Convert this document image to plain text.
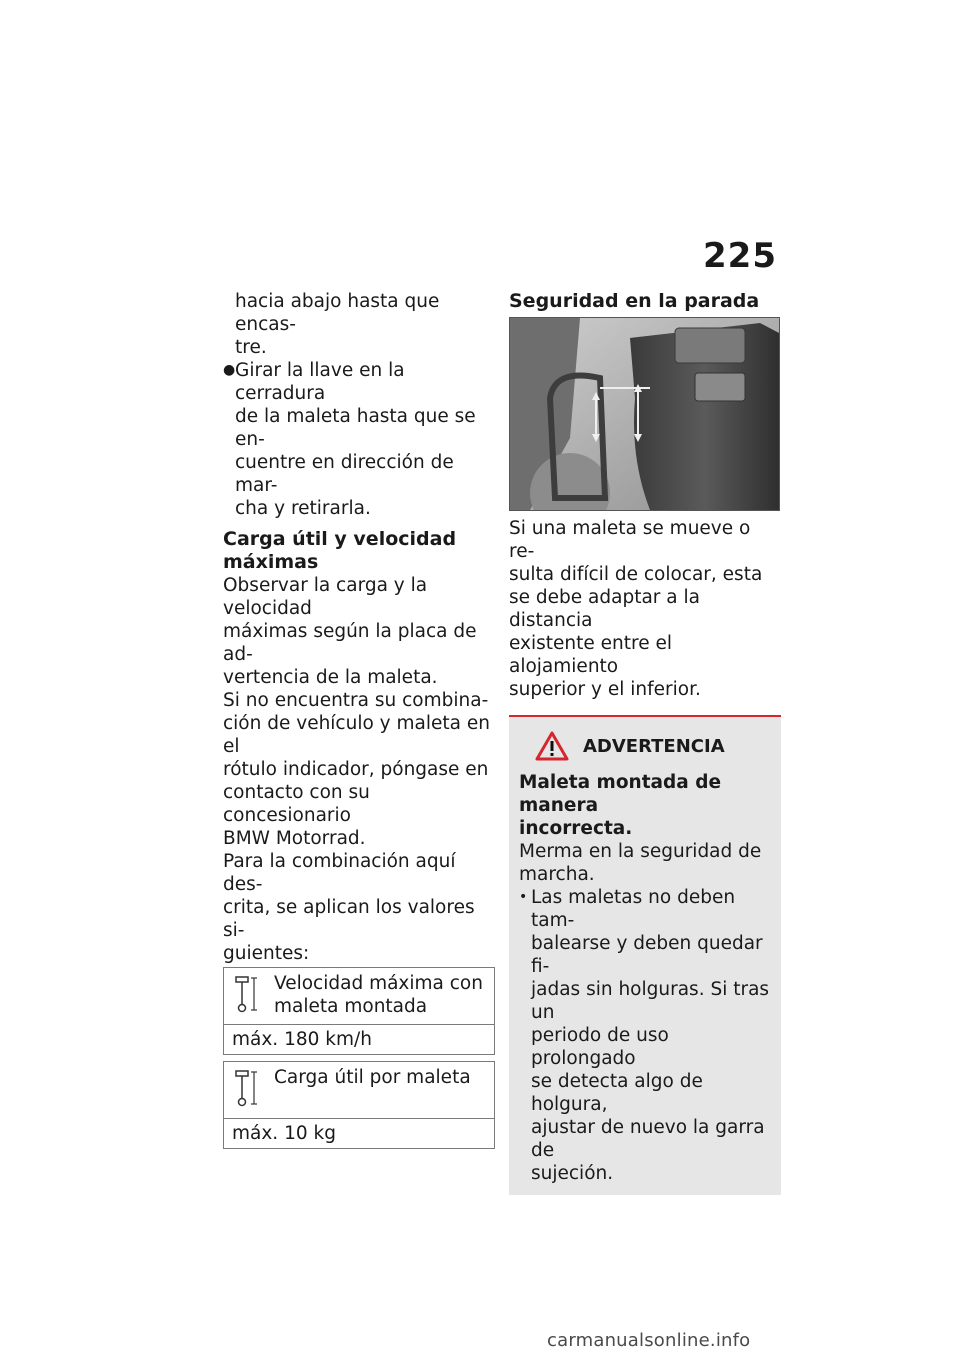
225

hacia abajo hasta que encas-

tre.

● Girar la llave en la cerradura

de la maleta hasta que se en-

cuentre en dirección de mar-

cha y retirarla.

Carga útil y velocidad

máximas

Observar la carga y la velocidad

máximas según la placa de ad-

vertencia de la maleta.

Si no encuentra su combina-

ción de vehículo y maleta en el

rótulo indicador, póngase en

contacto con su concesionario

BMW Motorrad.

Para la combinación aquí des-

crita, se aplican los valores si-

guientes:

Velocidad máxima con

maleta montada

máx. 180 km/h

Carga útil por maleta

máx. 10 kg
Seguridad en la parada

Si una maleta se mueve o re-

sulta difícil de colocar, esta

se debe adaptar a la distancia

existente entre el alojamiento

superior y el inferior.

ADVERTENCIA

Maleta montada de manera

incorrecta.

Merma en la seguridad de

marcha.

• Las maletas no deben tam-

balearse y deben quedar fi-

jadas sin holguras. Si tras un

periodo de uso prolongado

se detecta algo de holgura,

ajustar de nuevo la garra de

sujeción.

carmanualsonline.info
